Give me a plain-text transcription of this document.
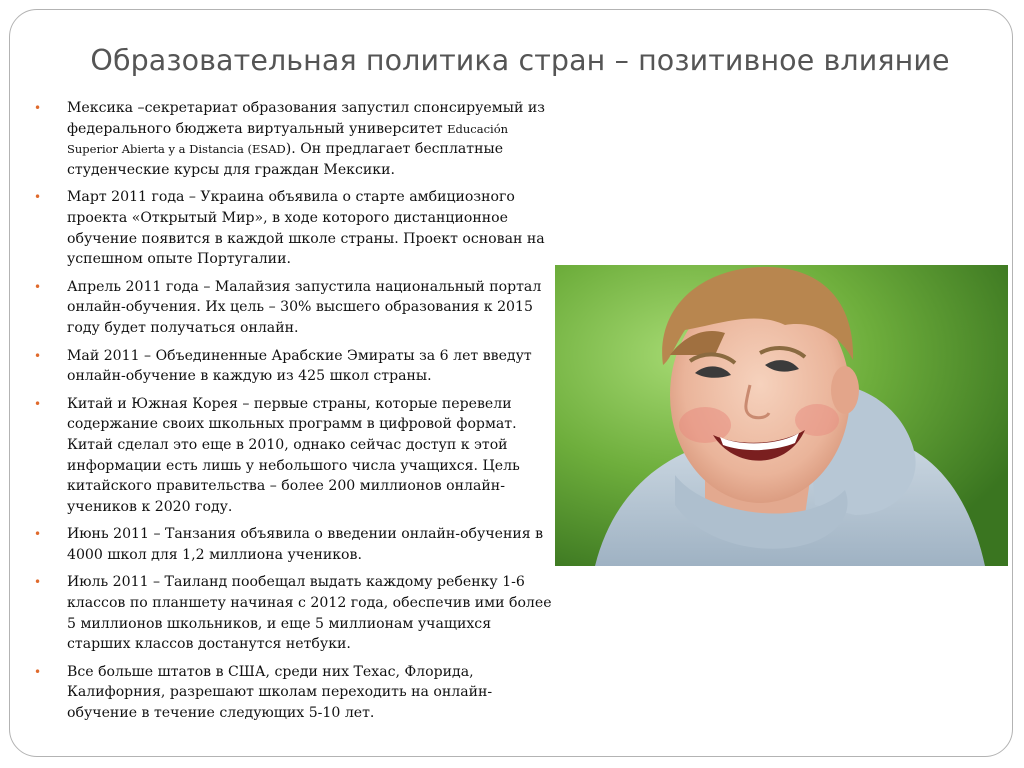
Образовательная политика стран – позитивное влияние
• Мексика –секретариат образования запустил спонсируемый из федерального бюджета виртуальный университет Educación Superior Abierta y a Distancia (ESAD). Он предлагает бесплатные студенческие курсы для граждан Мексики.
• Март 2011 года – Украина объявила о старте амбициозного проекта «Открытый Мир», в ходе которого дистанционное обучение появится в каждой школе страны. Проект основан на успешном опыте Португалии.
• Апрель 2011 года – Малайзия запустила национальный портал онлайн-обучения. Их цель – 30% высшего образования к 2015 году будет получаться онлайн.
• Май 2011 – Объединенные Арабские Эмираты за 6 лет введут онлайн-обучение в каждую из 425 школ страны.
• Китай и Южная Корея – первые страны, которые перевели содержание своих школьных программ в цифровой формат. Китай сделал это еще в 2010, однако сейчас доступ к этой информации есть лишь у небольшого числа учащихся. Цель китайского правительства – более 200 миллионов онлайн-учеников к 2020 году.
• Июнь 2011 – Танзания объявила о введении онлайн-обучения в 4000 школ для 1,2 миллиона учеников.
• Июль 2011 – Таиланд пообещал выдать каждому ребенку 1-6 классов по планшету начиная с 2012 года, обеспечив ими более 5 миллионов школьников, и еще 5 миллионам учащихся старших классов достанутся нетбуки.
• Все больше штатов в США, среди них Техас, Флорида, Калифорния, разрешают школам переходить на онлайн-обучение в течение следующих 5-10 лет.
